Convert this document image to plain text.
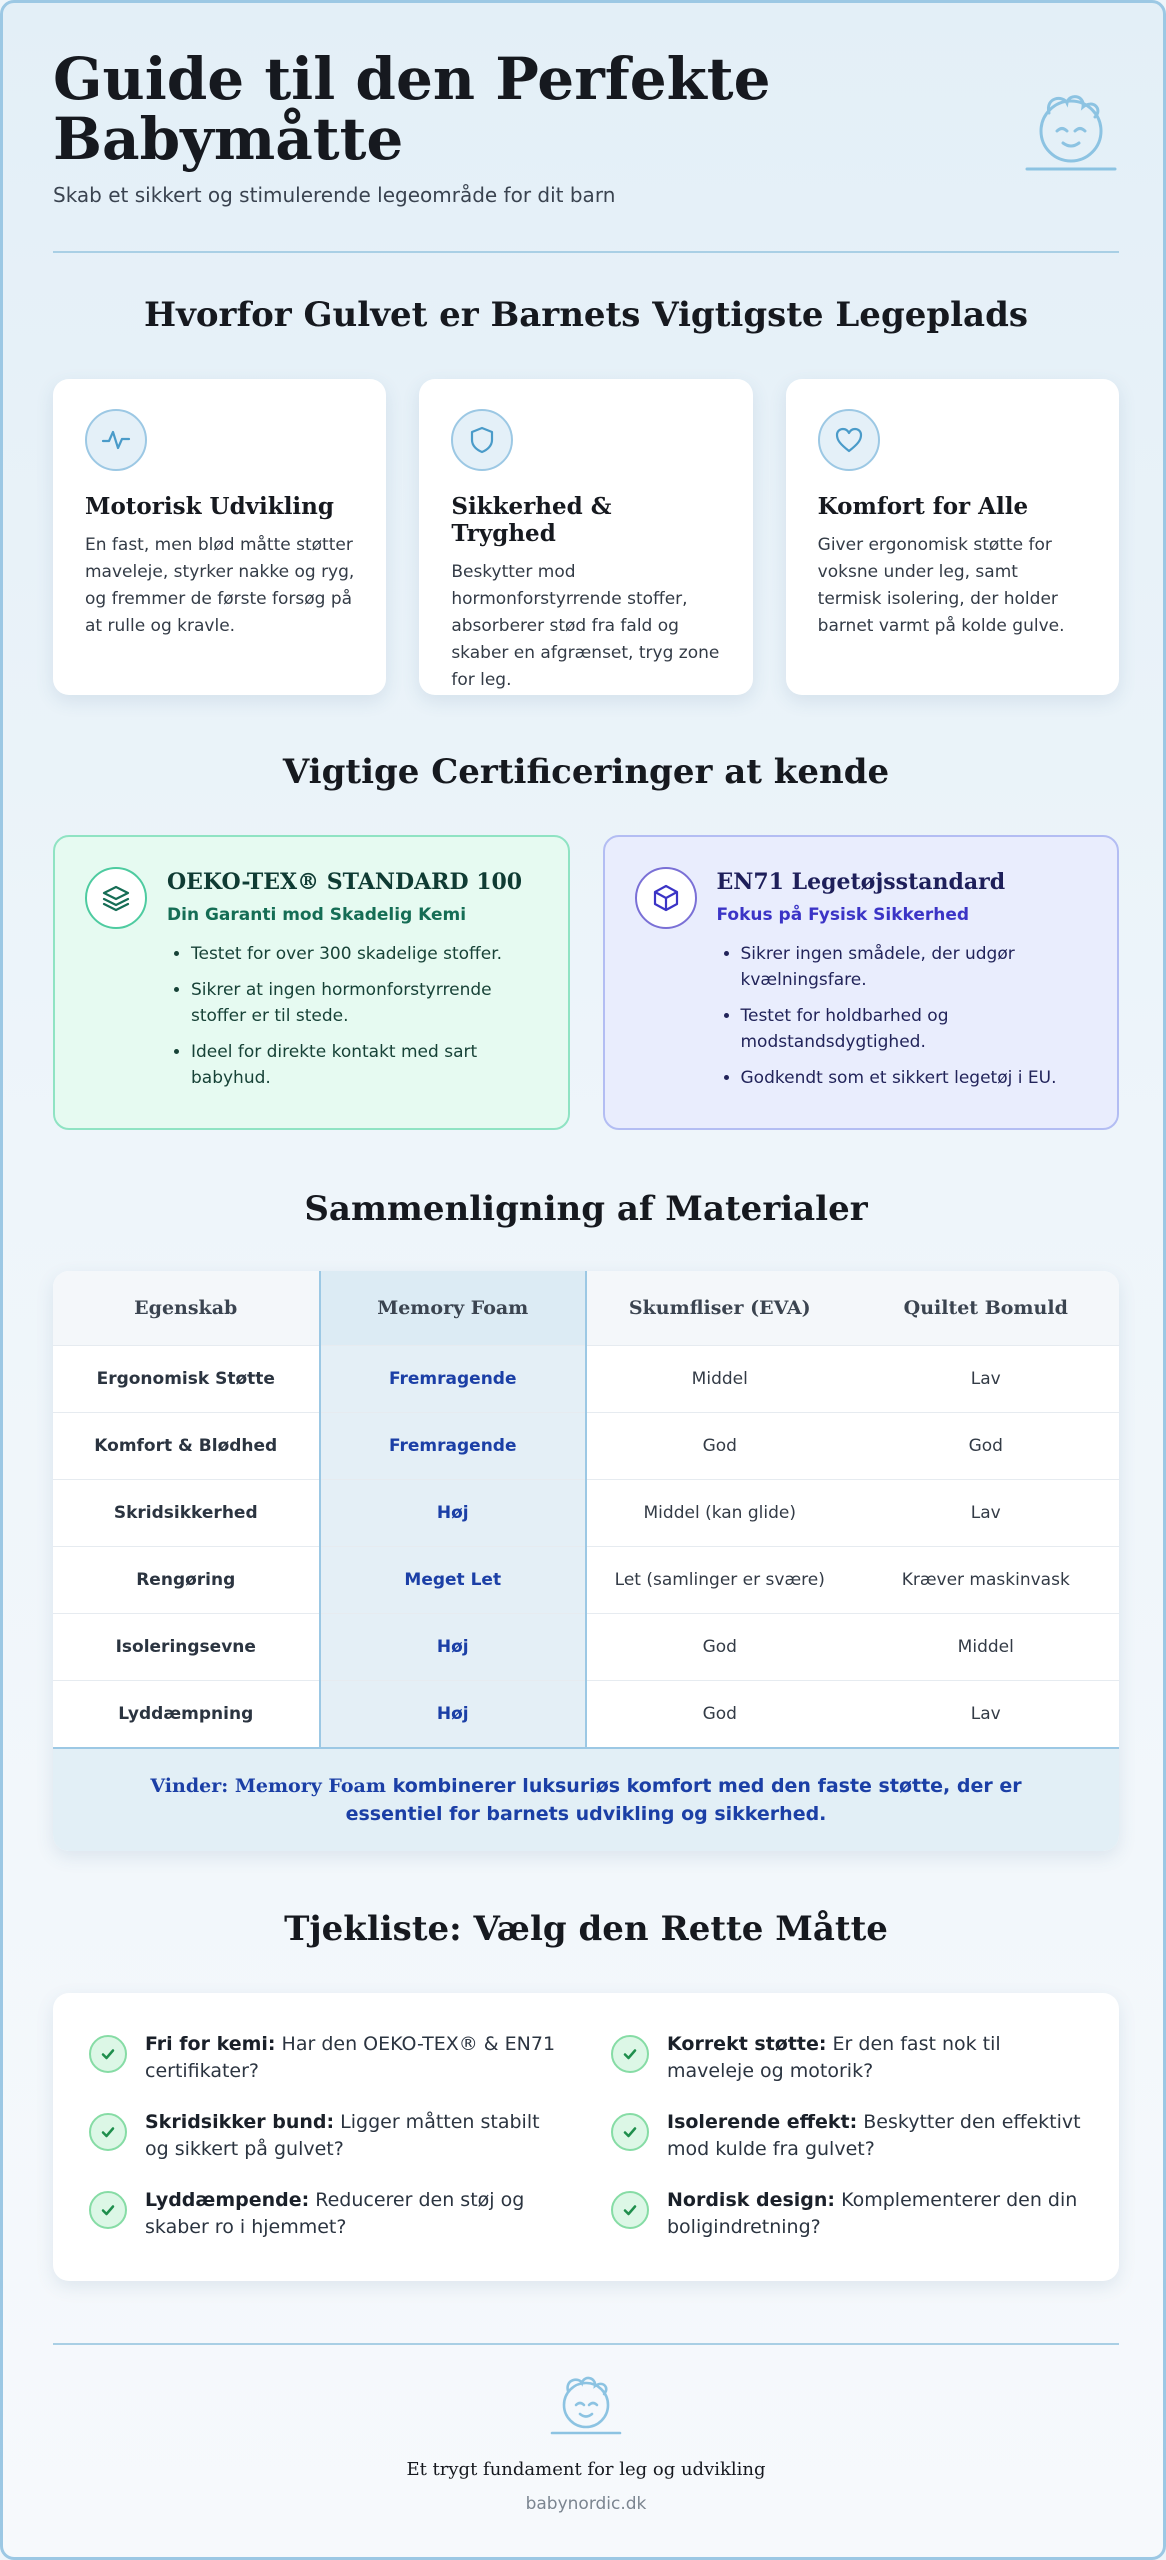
Guide til den Perfekte Babymåtte
Skab et sikkert og stimulerende legeområde for dit barn
Hvorfor Gulvet er Barnets Vigtigste Legeplads
Motorisk Udvikling

En fast, men blød måtte støtter maveleje, styrker nakke og ryg, og fremmer de første forsøg på at rulle og kravle.

Sikkerhed & Tryghed

Beskytter mod hormonforstyrrende stoffer, absorberer stød fra fald og skaber en afgrænset, tryg zone for leg.

Komfort for Alle

Giver ergonomisk støtte for voksne under leg, samt termisk isolering, der holder barnet varmt på kolde gulve.

Vigtige Certificeringer at kende
OEKO-TEX® STANDARD 100
Din Garanti mod Skadelig Kemi
• Testet for over 300 skadelige stoffer.
• Sikrer at ingen hormonforstyrrende stoffer er til stede.
• Ideel for direkte kontakt med sart babyhud.
EN71 Legetøjsstandard
Fokus på Fysisk Sikkerhed
• Sikrer ingen smådele, der udgør kvælningsfare.
• Testet for holdbarhed og modstandsdygtighed.
• Godkendt som et sikkert legetøj i EU.
Sammenligning af Materialer
Egenskab	Memory Foam	Skumfliser (EVA)	Quiltet Bomuld
Ergonomisk Støtte	Fremragende	Middel	Lav
Komfort & Blødhed	Fremragende	God	God
Skridsikkerhed	Høj	Middel (kan glide)	Lav
Rengøring	Meget Let	Let (samlinger er svære)	Kræver maskinvask
Isoleringsevne	Høj	God	Middel
Lyddæmpning	Høj	God	Lav
Vinder: Memory Foam kombinerer luksuriøs komfort med den faste støtte, der er essentiel for barnets udvikling og sikkerhed.
Tjekliste: Vælg den Rette Måtte
Fri for kemi: Har den OEKO-TEX® & EN71 certifikater?
Korrekt støtte: Er den fast nok til maveleje og motorik?
Skridsikker bund: Ligger måtten stabilt og sikkert på gulvet?
Isolerende effekt: Beskytter den effektivt mod kulde fra gulvet?
Lyddæmpende: Reducerer den støj og skaber ro i hjemmet?
Nordisk design: Komplementerer den din boligindretning?
Et trygt fundament for leg og udvikling
babynordic.dk
